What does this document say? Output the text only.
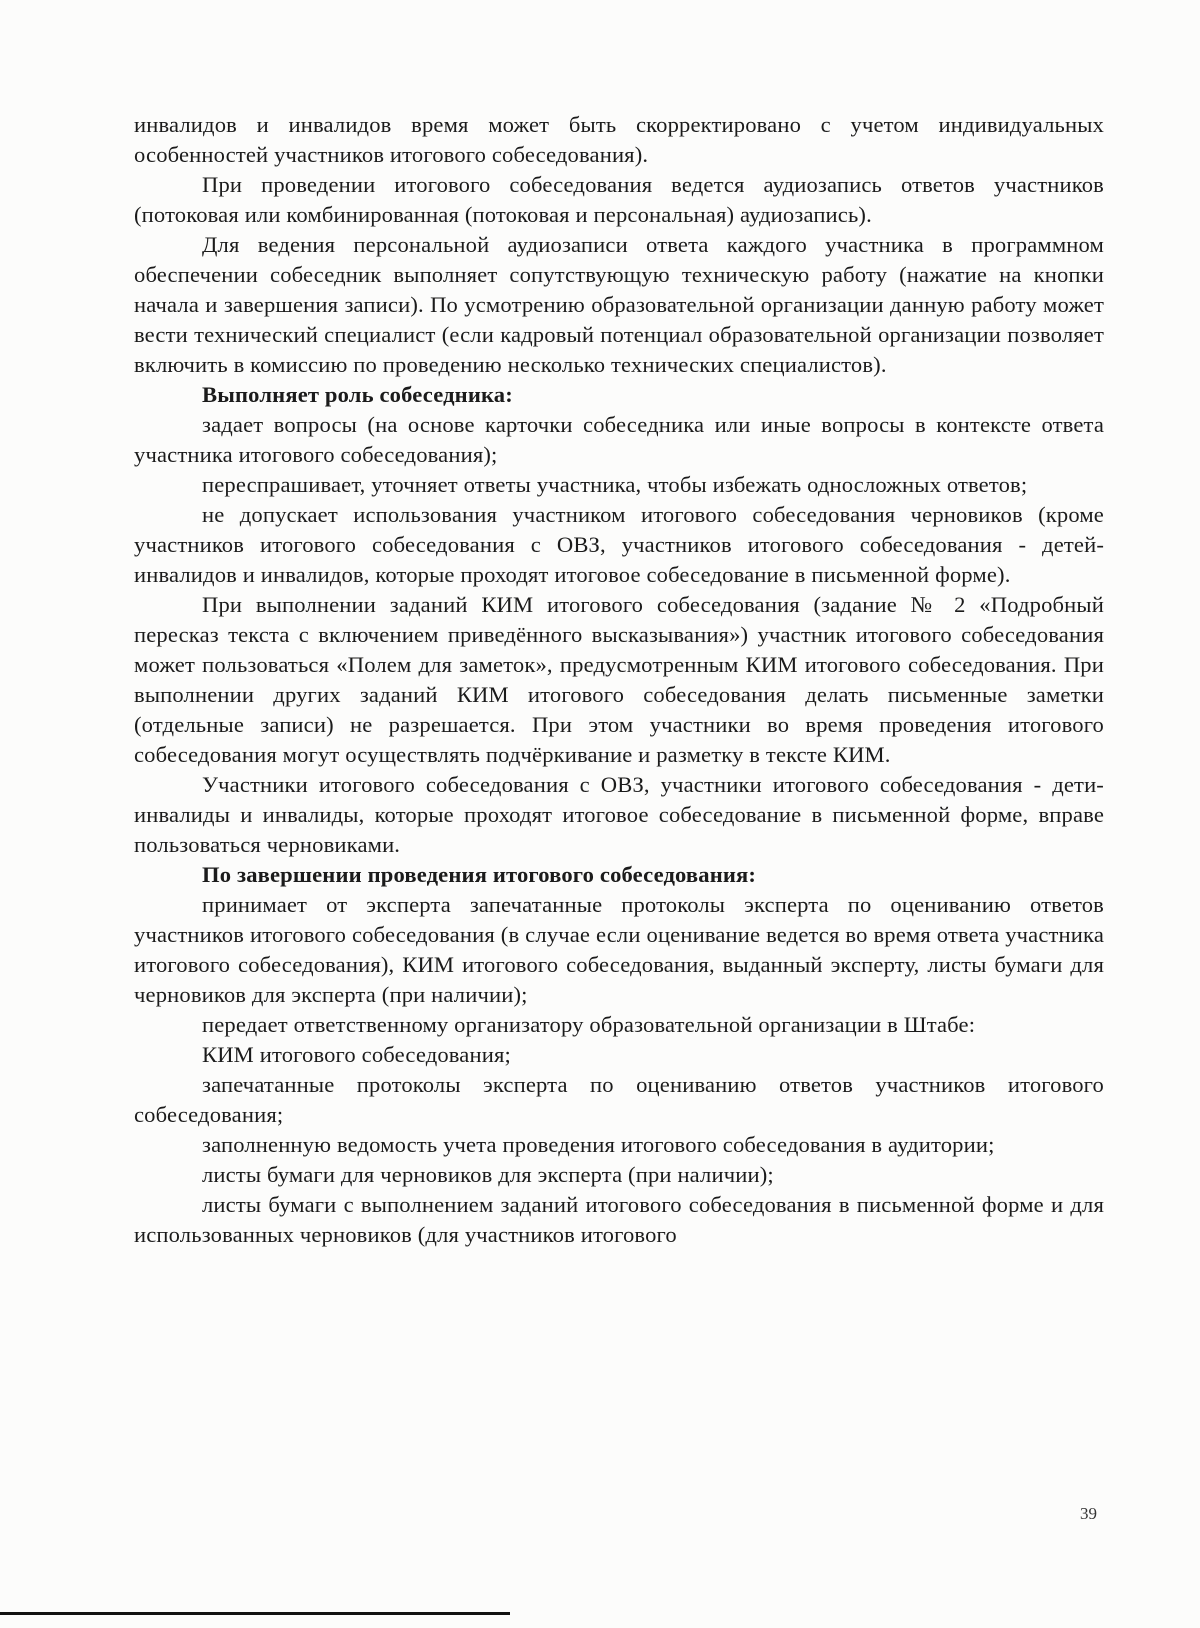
инвалидов и инвалидов время может быть скорректировано с учетом индивидуальных особенностей участников итогового собеседования).

При проведении итогового собеседования ведется аудиозапись ответов участников (потоковая или комбинированная (потоковая и персональная) аудиозапись).

Для ведения персональной аудиозаписи ответа каждого участника в программном обеспечении собеседник выполняет сопутствующую техническую работу (нажатие на кнопки начала и завершения записи). По усмотрению образовательной организации данную работу может вести технический специалист (если кадровый потенциал образовательной организации позволяет включить в комиссию по проведению несколько технических специалистов).

Выполняет роль собеседника:

задает вопросы (на основе карточки собеседника или иные вопросы в контексте ответа участника итогового собеседования);

переспрашивает, уточняет ответы участника, чтобы избежать односложных ответов;

не допускает использования участником итогового собеседования черновиков (кроме участников итогового собеседования с ОВЗ, участников итогового собеседования - детей-инвалидов и инвалидов, которые проходят итоговое собеседование в письменной форме).

При выполнении заданий КИМ итогового собеседования (задание № 2 «Подробный пересказ текста с включением приведённого высказывания») участник итогового собеседования может пользоваться «Полем для заметок», предусмотренным КИМ итогового собеседования. При выполнении других заданий КИМ итогового собеседования делать письменные заметки (отдельные записи) не разрешается. При этом участники во время проведения итогового собеседования могут осуществлять подчёркивание и разметку в тексте КИМ.

Участники итогового собеседования с ОВЗ, участники итогового собеседования - дети-инвалиды и инвалиды, которые проходят итоговое собеседование в письменной форме, вправе пользоваться черновиками.

По завершении проведения итогового собеседования:

принимает от эксперта запечатанные протоколы эксперта по оцениванию ответов участников итогового собеседования (в случае если оценивание ведется во время ответа участника итогового собеседования), КИМ итогового собеседования, выданный эксперту, листы бумаги для черновиков для эксперта (при наличии);

передает ответственному организатору образовательной организации в Штабе:

КИМ итогового собеседования;

запечатанные протоколы эксперта по оцениванию ответов участников итогового собеседования;

заполненную ведомость учета проведения итогового собеседования в аудитории;

листы бумаги для черновиков для эксперта (при наличии);

листы бумаги с выполнением заданий итогового собеседования в письменной форме и для использованных черновиков (для участников итогового

39
